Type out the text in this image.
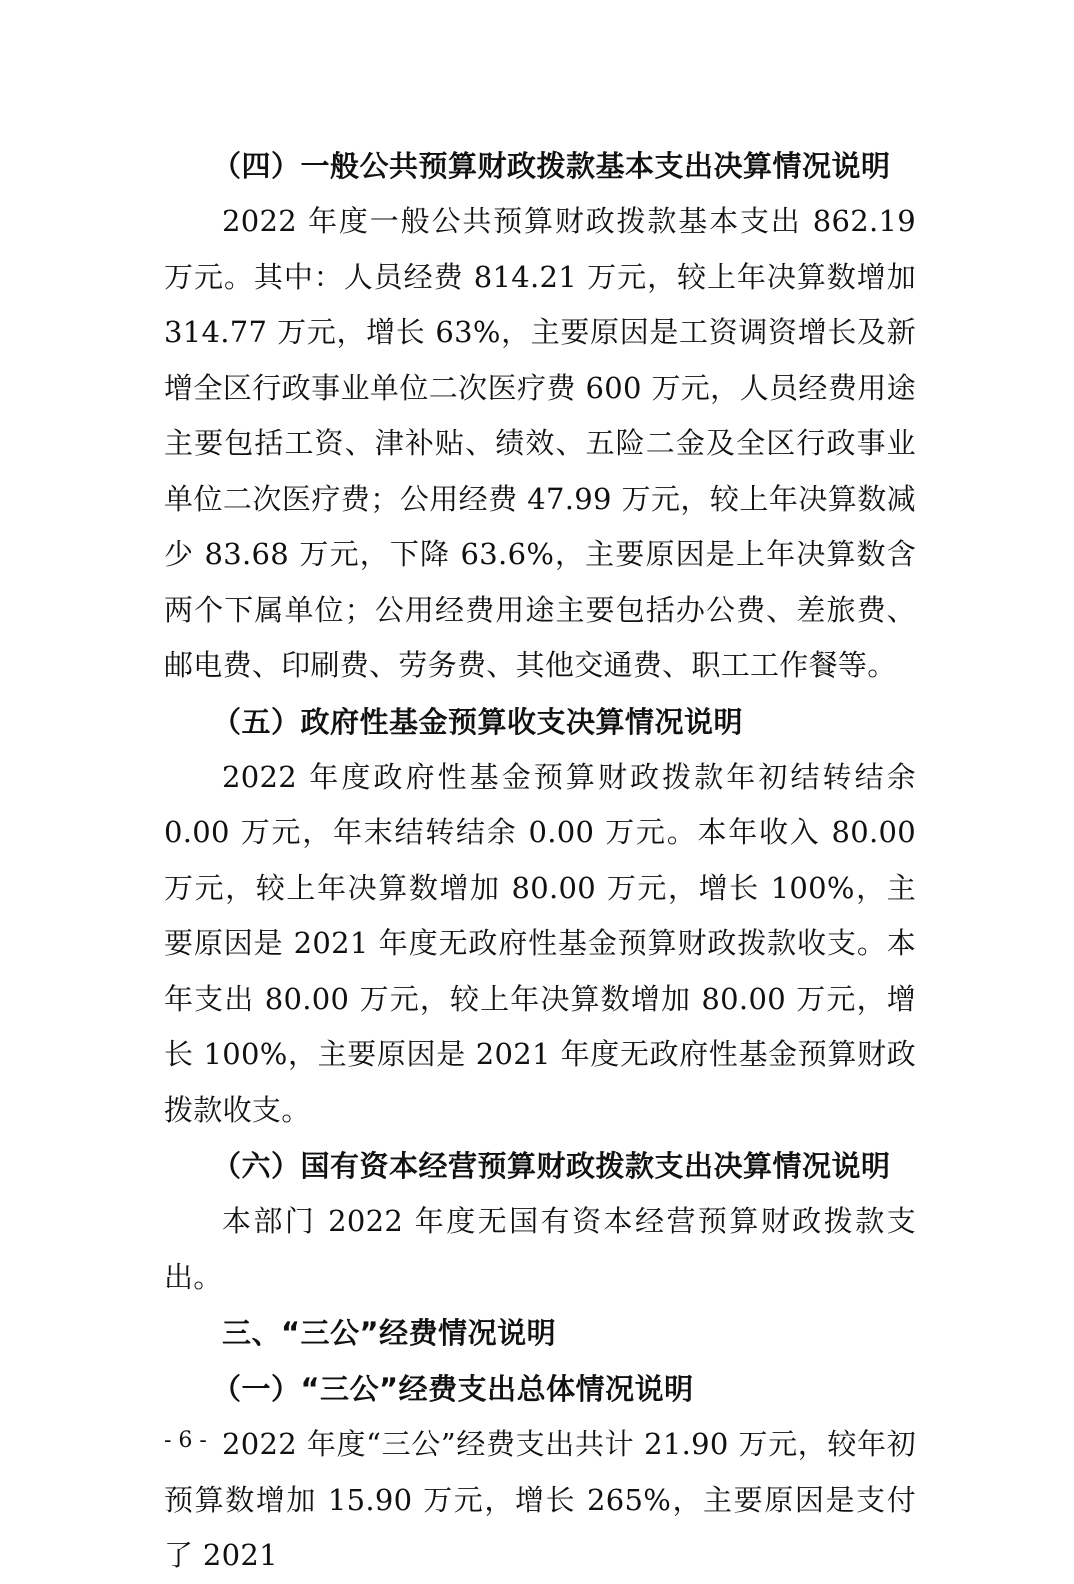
（四）一般公共预算财政拨款基本支出决算情况说明

2022 年度一般公共预算财政拨款基本支出 862.19 万元。其中：人员经费 814.21 万元，较上年决算数增加 314.77 万元，增长 63%，主要原因是工资调资增长及新增全区行政事业单位二次医疗费 600 万元，人员经费用途主要包括工资、津补贴、绩效、五险二金及全区行政事业单位二次医疗费；公用经费 47.99 万元，较上年决算数减少 83.68 万元，下降 63.6%，主要原因是上年决算数含两个下属单位；公用经费用途主要包括办公费、差旅费、邮电费、印刷费、劳务费、其他交通费、职工工作餐等。

（五）政府性基金预算收支决算情况说明

2022 年度政府性基金预算财政拨款年初结转结余 0.00 万元，年末结转结余 0.00 万元。本年收入 80.00 万元，较上年决算数增加 80.00 万元，增长 100%，主要原因是 2021 年度无政府性基金预算财政拨款收支。本年支出 80.00 万元，较上年决算数增加 80.00 万元，增长 100%，主要原因是 2021 年度无政府性基金预算财政拨款收支。

（六）国有资本经营预算财政拨款支出决算情况说明

本部门 2022 年度无国有资本经营预算财政拨款支出。

三、“三公”经费情况说明
（一）“三公”经费支出总体情况说明

2022 年度“三公”经费支出共计 21.90 万元，较年初预算数增加 15.90 万元，增长 265%，主要原因是支付了 2021

- 6 -
